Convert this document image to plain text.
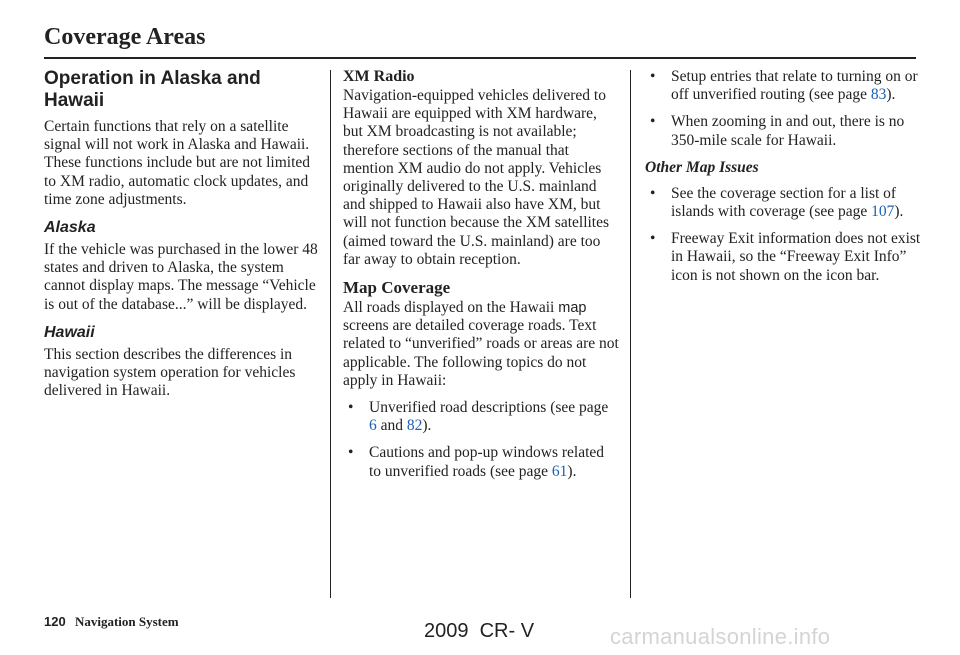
Coverage Areas
Operation in Alaska and Hawaii

Certain functions that rely on a satellite signal will not work in Alaska and Hawaii. These functions include but are not limited to XM radio, automatic clock updates, and time zone adjustments.

Alaska

If the vehicle was purchased in the lower 48 states and driven to Alaska, the system cannot display maps. The message “Vehicle is out of the database...” will be displayed.

Hawaii

This section describes the differences in navigation system operation for vehicles delivered in Hawaii.

XM Radio

Navigation-equipped vehicles delivered to Hawaii are equipped with XM hardware, but XM broadcasting is not available; therefore sections of the manual that mention XM audio do not apply. Vehicles originally delivered to the U.S. mainland and shipped to Hawaii also have XM, but will not function because the XM satellites (aimed toward the U.S. mainland) are too far away to obtain reception.

Map Coverage

All roads displayed on the Hawaii map screens are detailed coverage roads. Text related to “unverified” roads or areas are not applicable. The following topics do not apply in Hawaii:

• Unverified road descriptions (see page 6 and 82).
• Cautions and pop-up windows related to unverified roads (see page 61).
• Setup entries that relate to turning on or off unverified routing (see page 83).
• When zooming in and out, there is no 350-mile scale for Hawaii.
Other Map Issues
• See the coverage section for a list of islands with coverage (see page 107).
• Freeway Exit information does not exist in Hawaii, so the “Freeway Exit Info” icon is not shown on the icon bar.
120 Navigation System	2009  CR- V	carmanualsonline.info
